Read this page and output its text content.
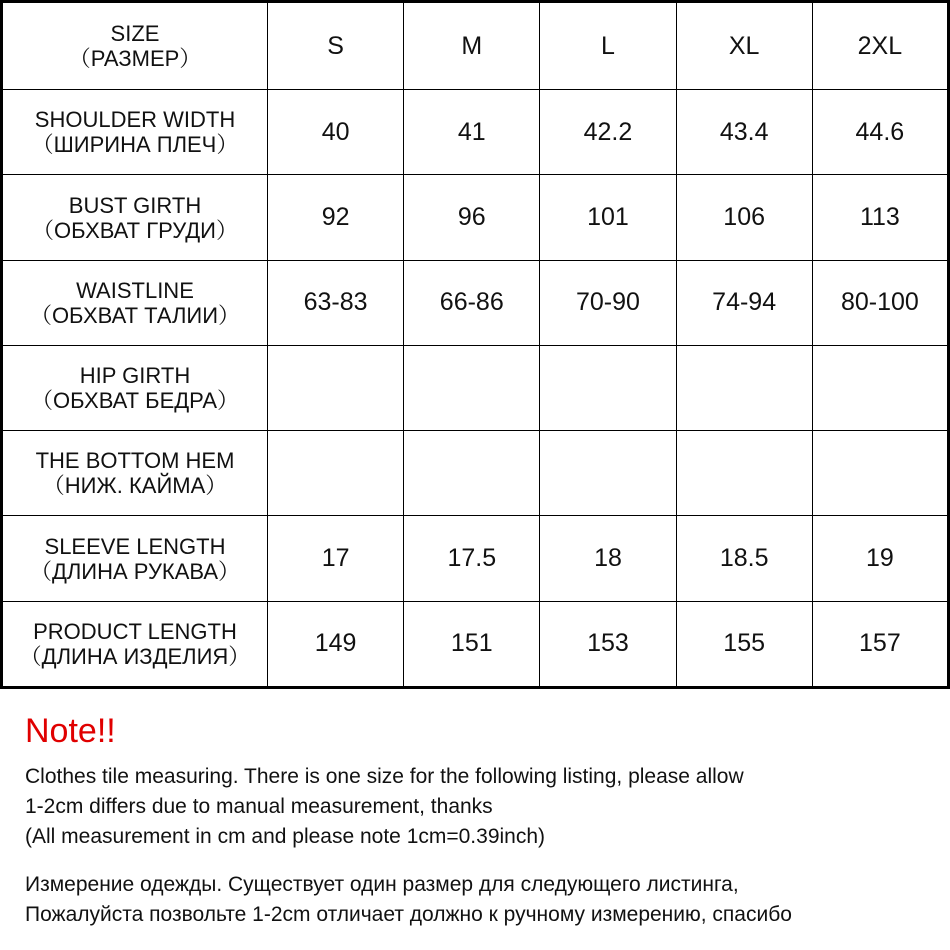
SIZE
（РАЗМЕР）	S	M	L	XL	2XL

SHOULDER WIDTH
（ШИРИНА ПЛЕЧ）	40	41	42.2	43.4	44.6

BUST GIRTH
（ОБХВАТ ГРУДИ）	92	96	101	106	113

WAISTLINE
（ОБХВАТ ТАЛИИ）	63-83	66-86	70-90	74-94	80-100

HIP GIRTH
（ОБХВАТ БЕДРА）					

THE BOTTOM HEM
（НИЖ. КАЙМА）					

SLEEVE LENGTH
（ДЛИНА РУКАВА）	17	17.5	18	18.5	19

PRODUCT LENGTH
（ДЛИНА ИЗДЕЛИЯ）	149	151	153	155	157
Note!!
Clothes tile measuring. There is one size for the following listing, please allow
1-2cm differs due to manual measurement, thanks
(All measurement in cm and please note 1cm=0.39inch)
Измерение одежды. Существует один размер для следующего листинга,
Пожалуйста позвольте 1-2cm отличает должно к ручному измерению, спасибо
